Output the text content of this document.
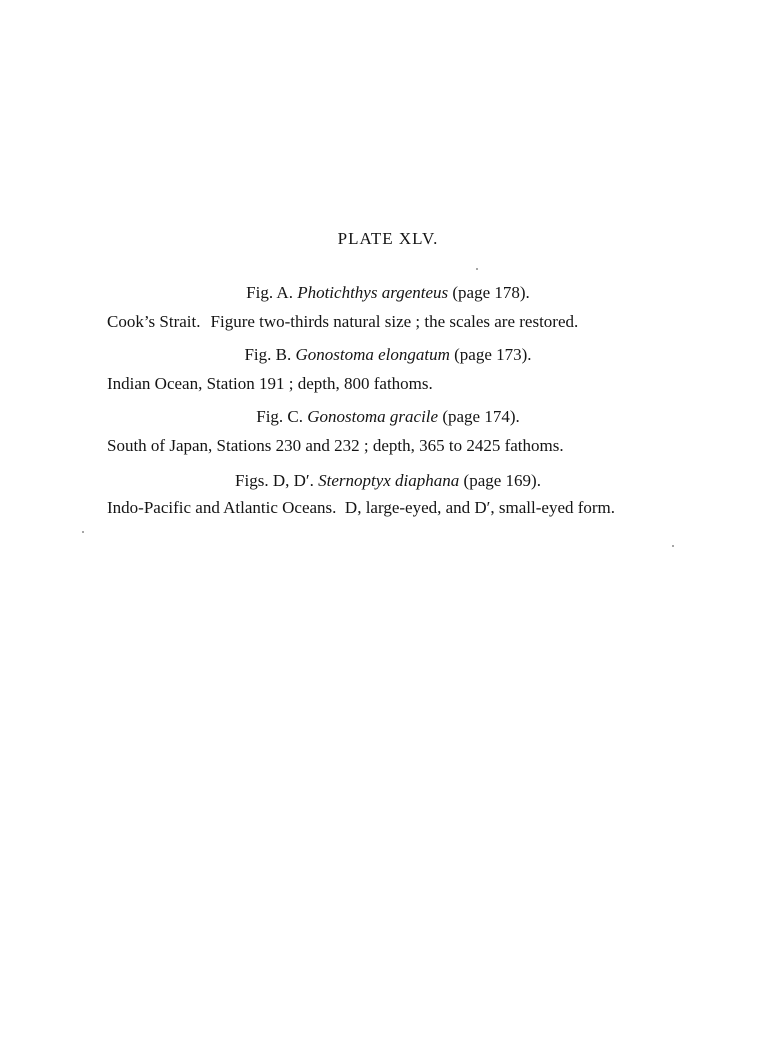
PLATE XLV.
Fig. A. Photichthys argenteus (page 178).
Cook’s Strait. Figure two-thirds natural size ; the scales are restored.
Fig. B. Gonostoma elongatum (page 173).
Indian Ocean, Station 191 ; depth, 800 fathoms.
Fig. C. Gonostoma gracile (page 174).
South of Japan, Stations 230 and 232 ; depth, 365 to 2425 fathoms.
Figs. D, D′. Sternoptyx diaphana (page 169).
Indo-Pacific and Atlantic Oceans.  D, large-eyed, and D′, small-eyed form.
